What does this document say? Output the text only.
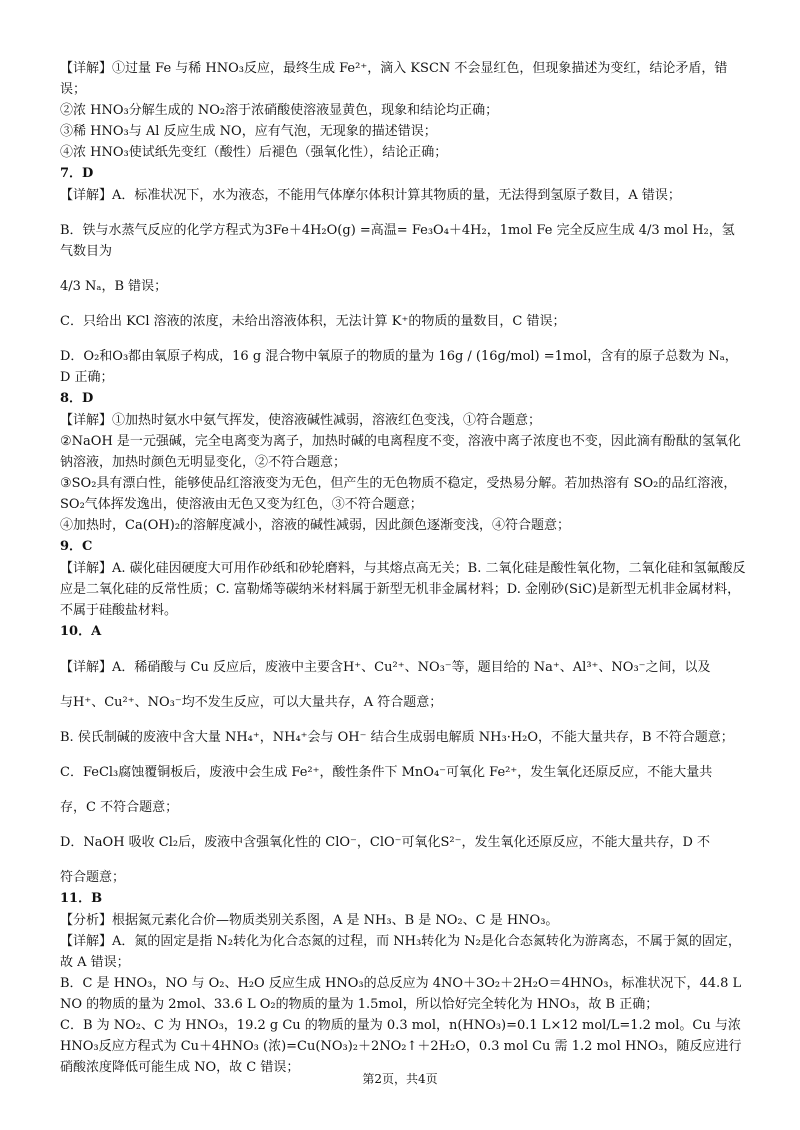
【详解】①过量 Fe 与稀 HNO₃反应，最终生成 Fe²⁺，滴入 KSCN 不会显红色，但现象描述为变红，结论矛盾，错误；

②浓 HNO₃分解生成的 NO₂溶于浓硝酸使溶液显黄色，现象和结论均正确；

③稀 HNO₃与 Al 反应生成 NO，应有气泡，无现象的描述错误；

④浓 HNO₃使试纸先变红（酸性）后褪色（强氧化性），结论正确；

7．D

【详解】A．标准状况下，水为液态，不能用气体摩尔体积计算其物质的量，无法得到氢原子数目，A 错误；

B．铁与水蒸气反应的化学方程式为3Fe＋4H₂O(g) =高温= Fe₃O₄＋4H₂，1mol Fe 完全反应生成 4/3 mol H₂，氢气数目为

4/3 Nₐ，B 错误；

C．只给出 KCl 溶液的浓度，未给出溶液体积，无法计算 K⁺的物质的量数目，C 错误；

D．O₂和O₃都由氧原子构成，16 g 混合物中氧原子的物质的量为 16g / (16g/mol) =1mol，含有的原子总数为 Nₐ，D 正确；

8．D

【详解】①加热时氨水中氨气挥发，使溶液碱性减弱，溶液红色变浅，①符合题意；

②NaOH 是一元强碱，完全电离变为离子，加热时碱的电离程度不变，溶液中离子浓度也不变，因此滴有酚酞的氢氧化钠溶液，加热时颜色无明显变化，②不符合题意；

③SO₂具有漂白性，能够使品红溶液变为无色，但产生的无色物质不稳定，受热易分解。若加热溶有 SO₂的品红溶液，SO₂气体挥发逸出，使溶液由无色又变为红色，③不符合题意；

④加热时，Ca(OH)₂的溶解度减小，溶液的碱性减弱，因此颜色逐渐变浅，④符合题意；

9．C

【详解】A. 碳化硅因硬度大可用作砂纸和砂轮磨料，与其熔点高无关；B. 二氧化硅是酸性氧化物，二氧化硅和氢氟酸反应是二氧化硅的反常性质；C. 富勒烯等碳纳米材料属于新型无机非金属材料；D. 金刚砂(SiC)是新型无机非金属材料，不属于硅酸盐材料。

10．A

【详解】A．稀硝酸与 Cu 反应后，废液中主要含H⁺、Cu²⁺、NO₃⁻等，题目给的 Na⁺、Al³⁺、NO₃⁻之间，以及

与H⁺、Cu²⁺、NO₃⁻均不发生反应，可以大量共存，A 符合题意；

B. 侯氏制碱的废液中含大量 NH₄⁺，NH₄⁺会与 OH⁻ 结合生成弱电解质 NH₃·H₂O，不能大量共存，B 不符合题意；

C．FeCl₃腐蚀覆铜板后，废液中会生成 Fe²⁺，酸性条件下 MnO₄⁻可氧化 Fe²⁺，发生氧化还原反应，不能大量共

存，C 不符合题意；

D．NaOH 吸收 Cl₂后，废液中含强氧化性的 ClO⁻，ClO⁻可氧化S²⁻，发生氧化还原反应，不能大量共存，D 不

符合题意；

11．B

【分析】根据氮元素化合价—物质类别关系图，A 是 NH₃、B 是 NO₂、C 是 HNO₃。

【详解】A．氮的固定是指 N₂转化为化合态氮的过程，而 NH₃转化为 N₂是化合态氮转化为游离态，不属于氮的固定，故 A 错误；

B．C 是 HNO₃，NO 与 O₂、H₂O 反应生成 HNO₃的总反应为 4NO＋3O₂＋2H₂O＝4HNO₃，标准状况下，44.8 L NO 的物质的量为 2mol、33.6 L O₂的物质的量为 1.5mol，所以恰好完全转化为 HNO₃，故 B 正确；

C．B 为 NO₂、C 为 HNO₃，19.2 g Cu 的物质的量为 0.3 mol，n(HNO₃)=0.1 L×12 mol/L=1.2 mol。Cu 与浓 HNO₃反应方程式为 Cu＋4HNO₃ (浓)=Cu(NO₃)₂＋2NO₂↑＋2H₂O，0.3 mol Cu 需 1.2 mol HNO₃，随反应进行硝酸浓度降低可能生成 NO，故 C 错误；

第2页，共4页
